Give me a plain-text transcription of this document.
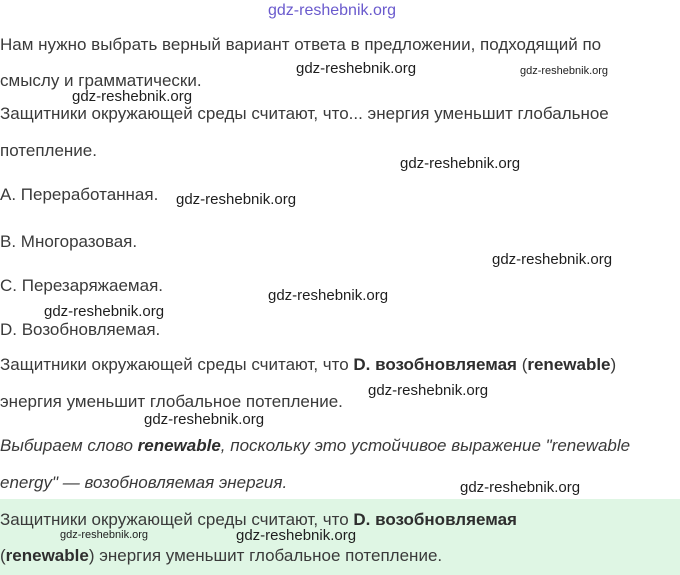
gdz-reshebnik.org
gdz-reshebnik.org	gdz-reshebnik.org
gdz-reshebnik.org
gdz-reshebnik.org
gdz-reshebnik.org
gdz-reshebnik.org
gdz-reshebnik.org
gdz-reshebnik.org
gdz-reshebnik.org
gdz-reshebnik.org
gdz-reshebnik.org
gdz-reshebnik.org	gdz-reshebnik.org
Нам нужно выбрать верный вариант ответа в предложении, подходящий по
смыслу и грамматически.
Защитники окружающей среды считают, что... энергия уменьшит глобальное
потепление.
A. Переработанная.
B. Многоразовая.
C. Перезаряжаемая.
D. Возобновляемая.
Защитники окружающей среды считают, что D. возобновляемая (renewable)
энергия уменьшит глобальное потепление.
Выбираем слово renewable, поскольку это устойчивое выражение "renewable
energy" — возобновляемая энергия.
Защитники окружающей среды считают, что D. возобновляемая
(renewable) энергия уменьшит глобальное потепление.
